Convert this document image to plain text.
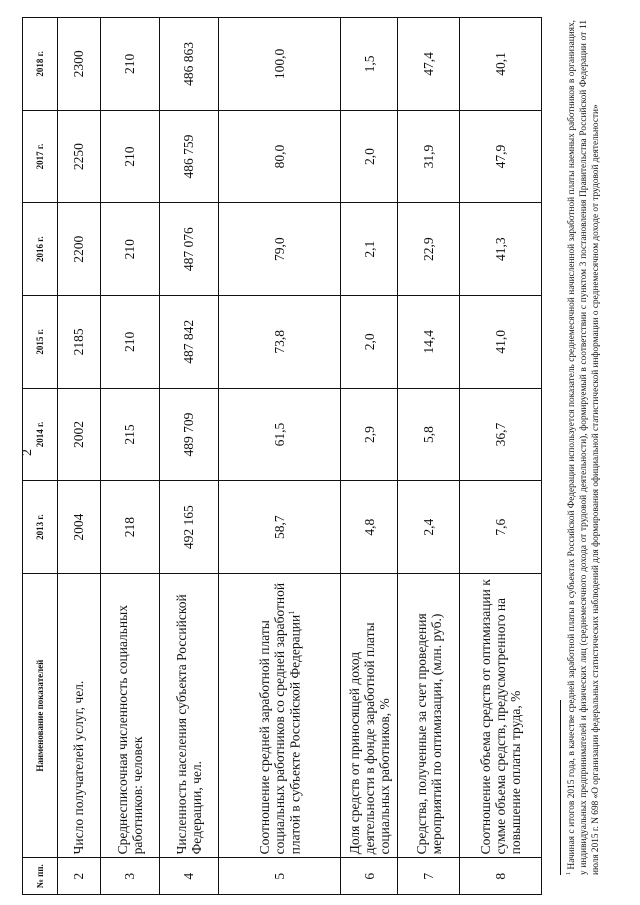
2
№ пп.	Наименование показателей	2013 г.	2014 г.	2015 г.	2016 г.	2017 г.	2018 г.
2	Число получателей услуг, чел.	2004	2002	2185	2200	2250	2300
3	Среднесписочная численность социальных работников: человек	218	215	210	210	210	210
4	Численность населения субъекта Российской Федерации, чел.	492 165	489 709	487 842	487 076	486 759	486 863
5	Соотношение средней заработной платы социальных работников со средней заработной платой в субъекте Российской Федерации$^1$	58,7	61,5	73,8	79,0	80,0	100,0
6	Доля средств от приносящей доход деятельности в фонде заработной платы социальных работников, %	4,8	2,9	2,0	2,1	2,0	1,5
7	Средства, полученные за счет проведения мероприятий по оптимизации, (млн. руб.)	2,4	5,8	14,4	22,9	31,9	47,4
8	Соотношение объема средств от оптимизации к сумме объема средств, предусмотренного на повышение оплаты труда, %	7,6	36,7	41,0	41,3	47,9	40,1
$^1$ Начиная с итогов 2015 года, в качестве средней заработной платы в субъектах Российской Федерации используется показатель среднемесячной начисленной заработной платы наемных работников в организациях, у индивидуальных предпринимателей и физических лиц (среднемесячного дохода от трудовой деятельности), формируемый в соответствии с пунктом 3 постановления Правительства Российской Федерации от 11 июля 2015 г. N 698 «О организации федеральных статистических наблюдений для формирования официальной статистической информации о среднемесячном доходе от трудовой деятельности»
